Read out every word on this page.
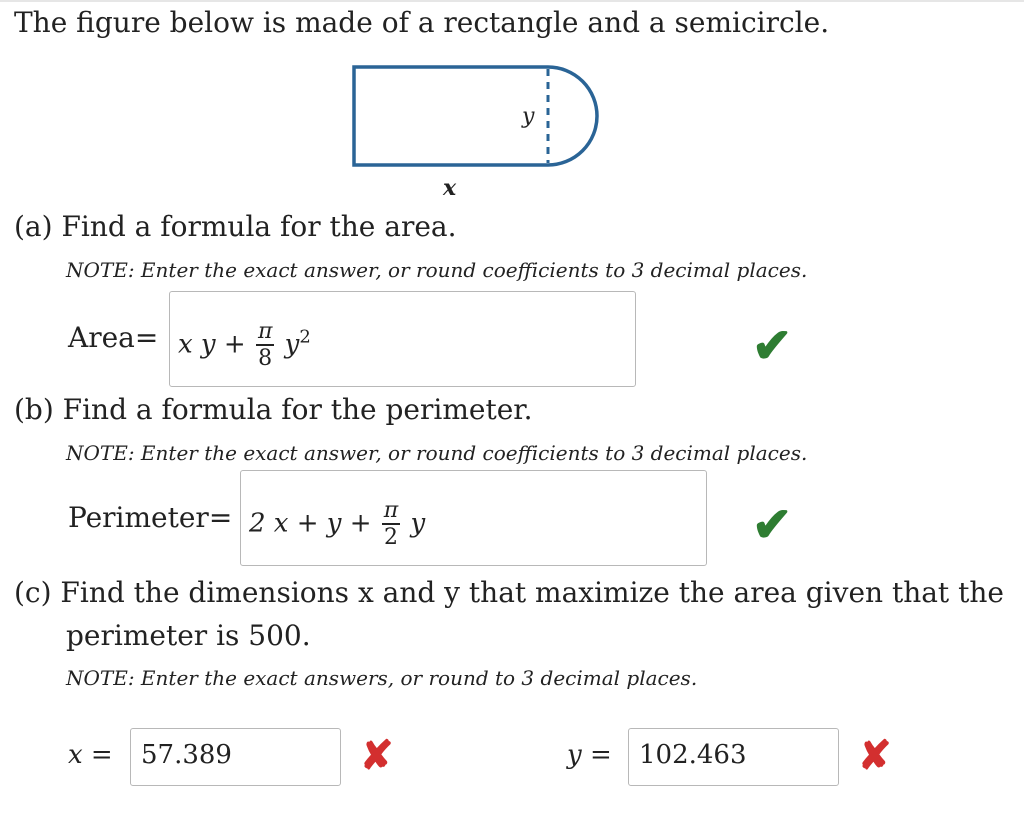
The figure below is made of a rectangle and a semicircle.
y
x
(a) Find a formula for the area.
NOTE: Enter the exact answer, or round coefficients to 3 decimal places.
Area= x $y + \frac{\pi}{8} y^2$	✔
(b) Find a formula for the perimeter.
NOTE: Enter the exact answer, or round coefficients to 3 decimal places.
Perimeter= 2 $x + y + \frac{\pi}{2}$ y	✔
(c) Find the dimensions x and y that maximize the area given that the
perimeter is 500.
NOTE: Enter the exact answers, or round to 3 decimal places.
x = 57.389	✘	y = 102.463	✘
